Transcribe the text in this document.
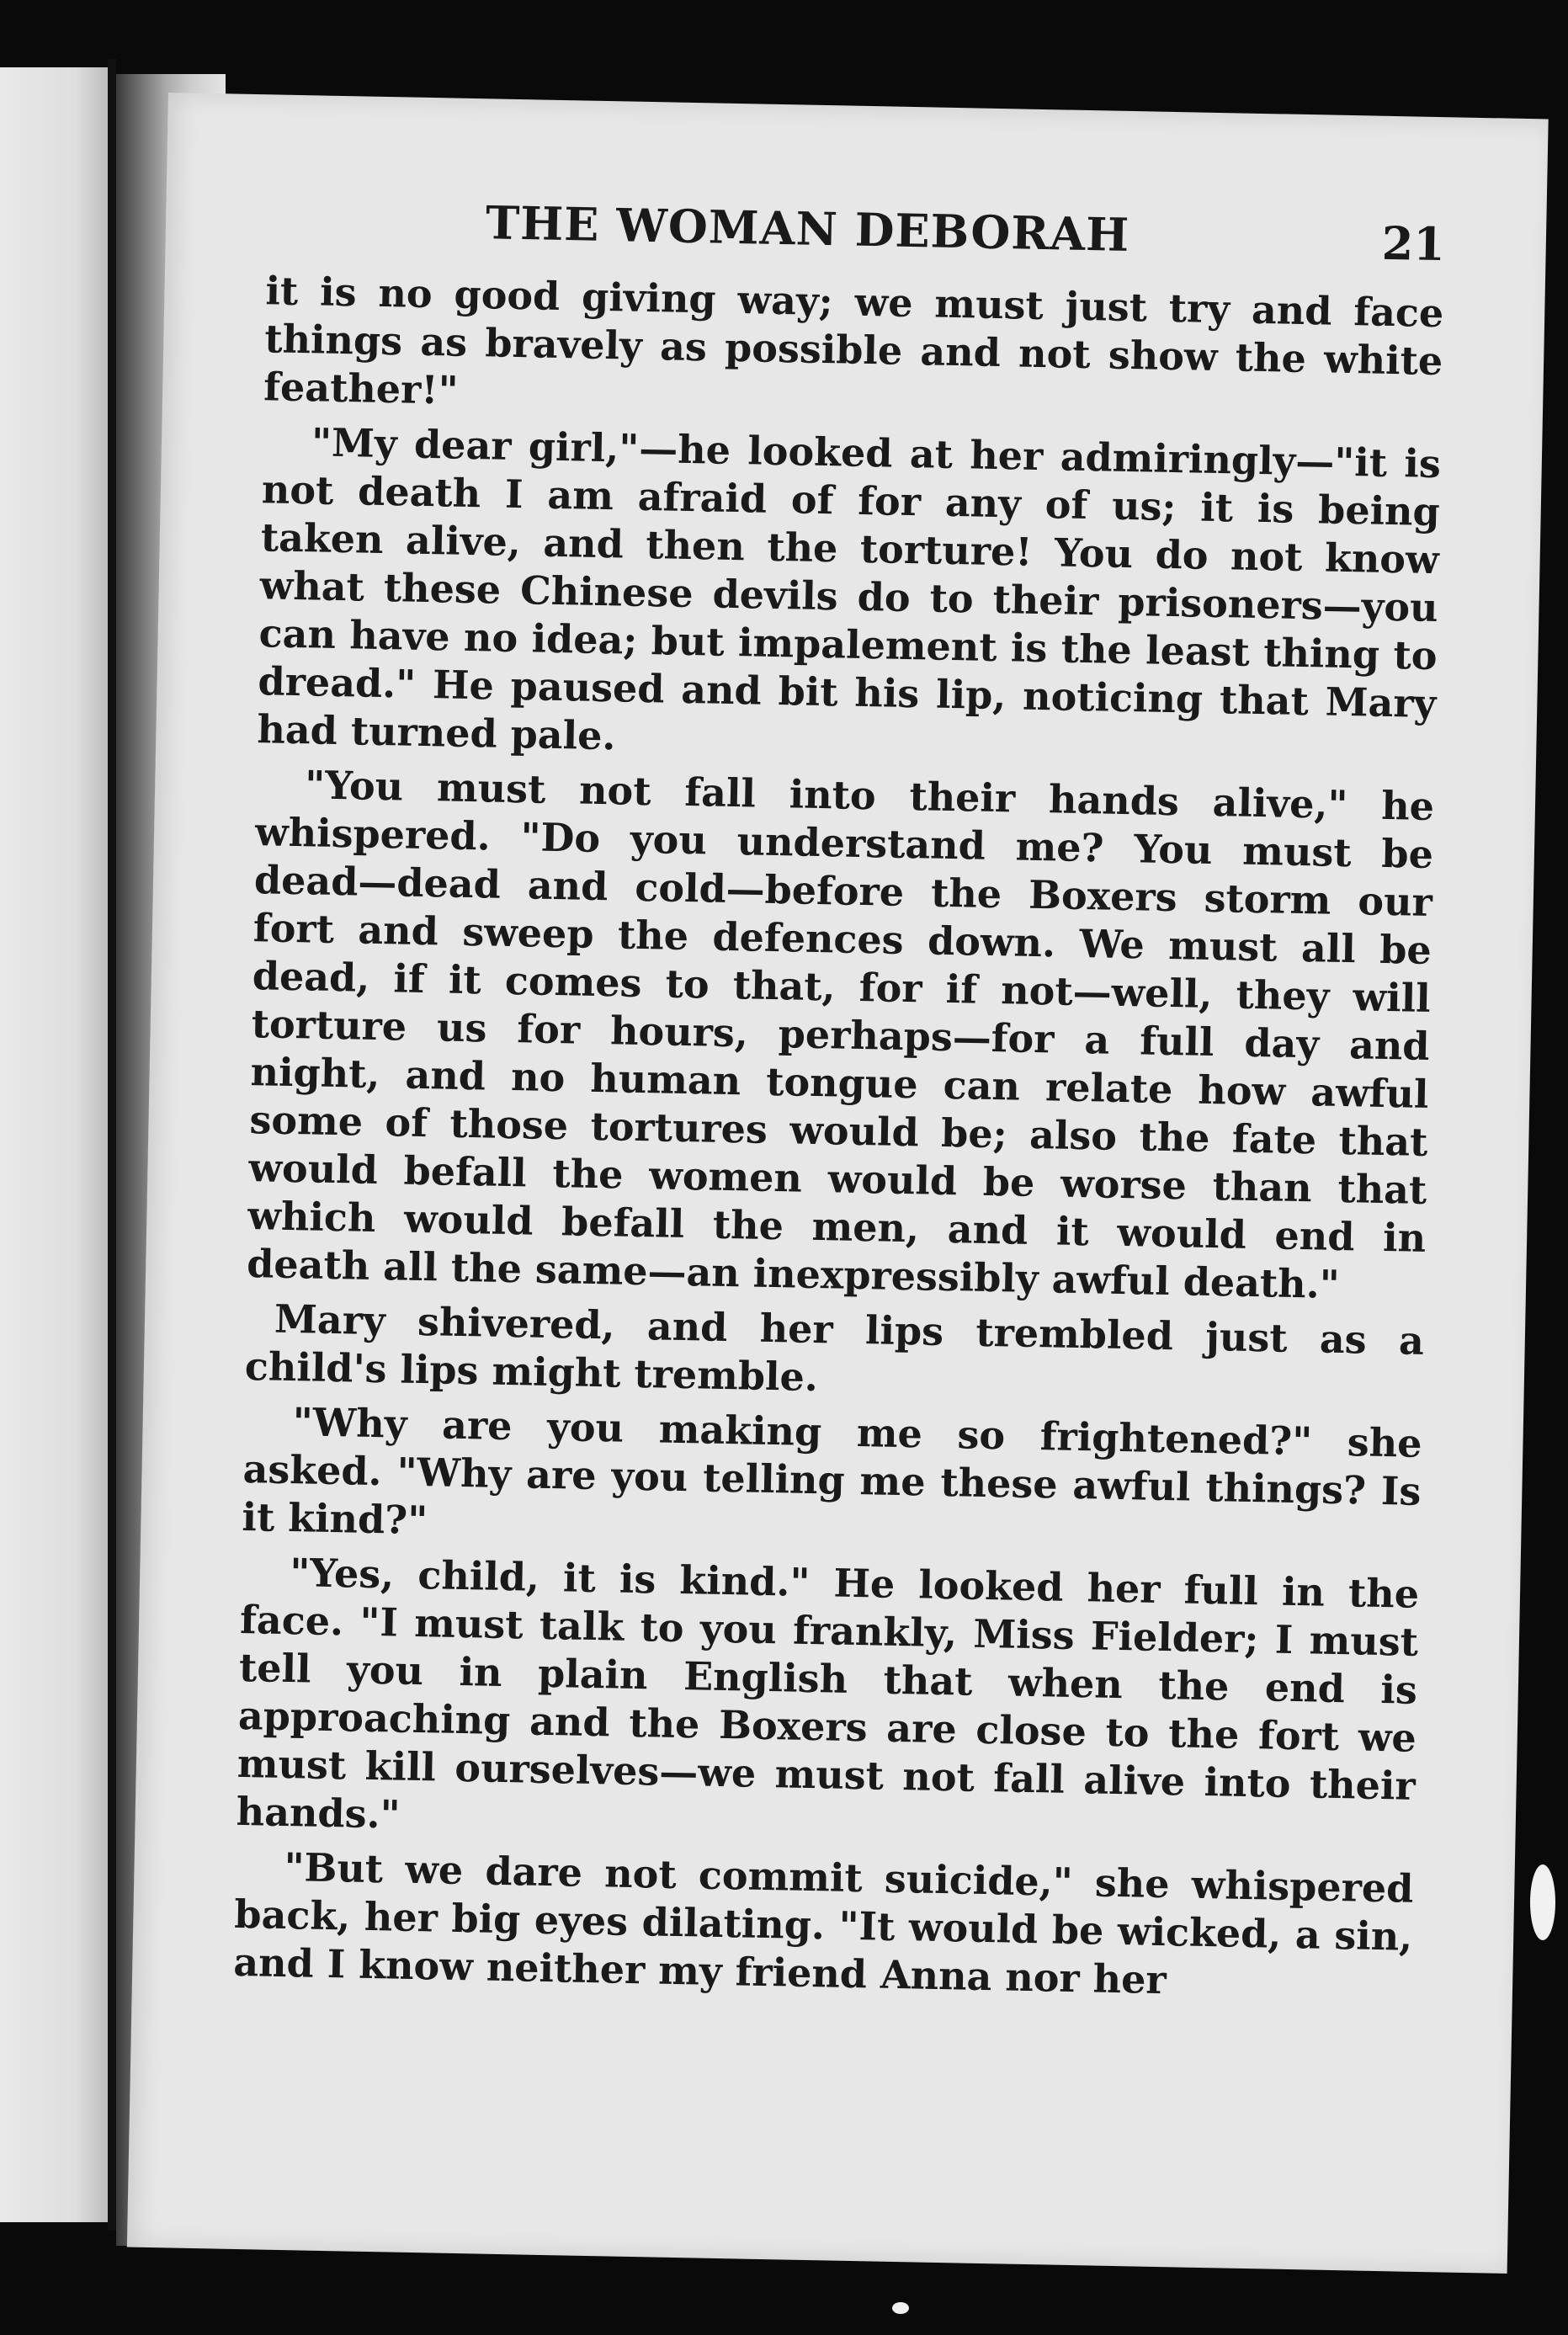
THE WOMAN DEBORAH	21

it is no good giving way; we must just try and face things as bravely as possible and not show the white feather!"

"My dear girl,"—he looked at her admiringly—"it is not death I am afraid of for any of us; it is being taken alive, and then the torture! You do not know what these Chinese devils do to their prisoners—you can have no idea; but impalement is the least thing to dread." He paused and bit his lip, noticing that Mary had turned pale.

"You must not fall into their hands alive," he whispered. "Do you understand me? You must be dead—dead and cold—before the Boxers storm our fort and sweep the defences down. We must all be dead, if it comes to that, for if not—well, they will torture us for hours, perhaps—for a full day and night, and no human tongue can relate how awful some of those tortures would be; also the fate that would befall the women would be worse than that which would befall the men, and it would end in death all the same—an inexpressibly awful death."

Mary shivered, and her lips trembled just as a child's lips might tremble.

"Why are you making me so frightened?" she asked. "Why are you telling me these awful things? Is it kind?"

"Yes, child, it is kind." He looked her full in the face. "I must talk to you frankly, Miss Fielder; I must tell you in plain English that when the end is approaching and the Boxers are close to the fort we must kill ourselves—we must not fall alive into their hands."

"But we dare not commit suicide," she whispered back, her big eyes dilating. "It would be wicked, a sin, and I know neither my friend Anna nor her
